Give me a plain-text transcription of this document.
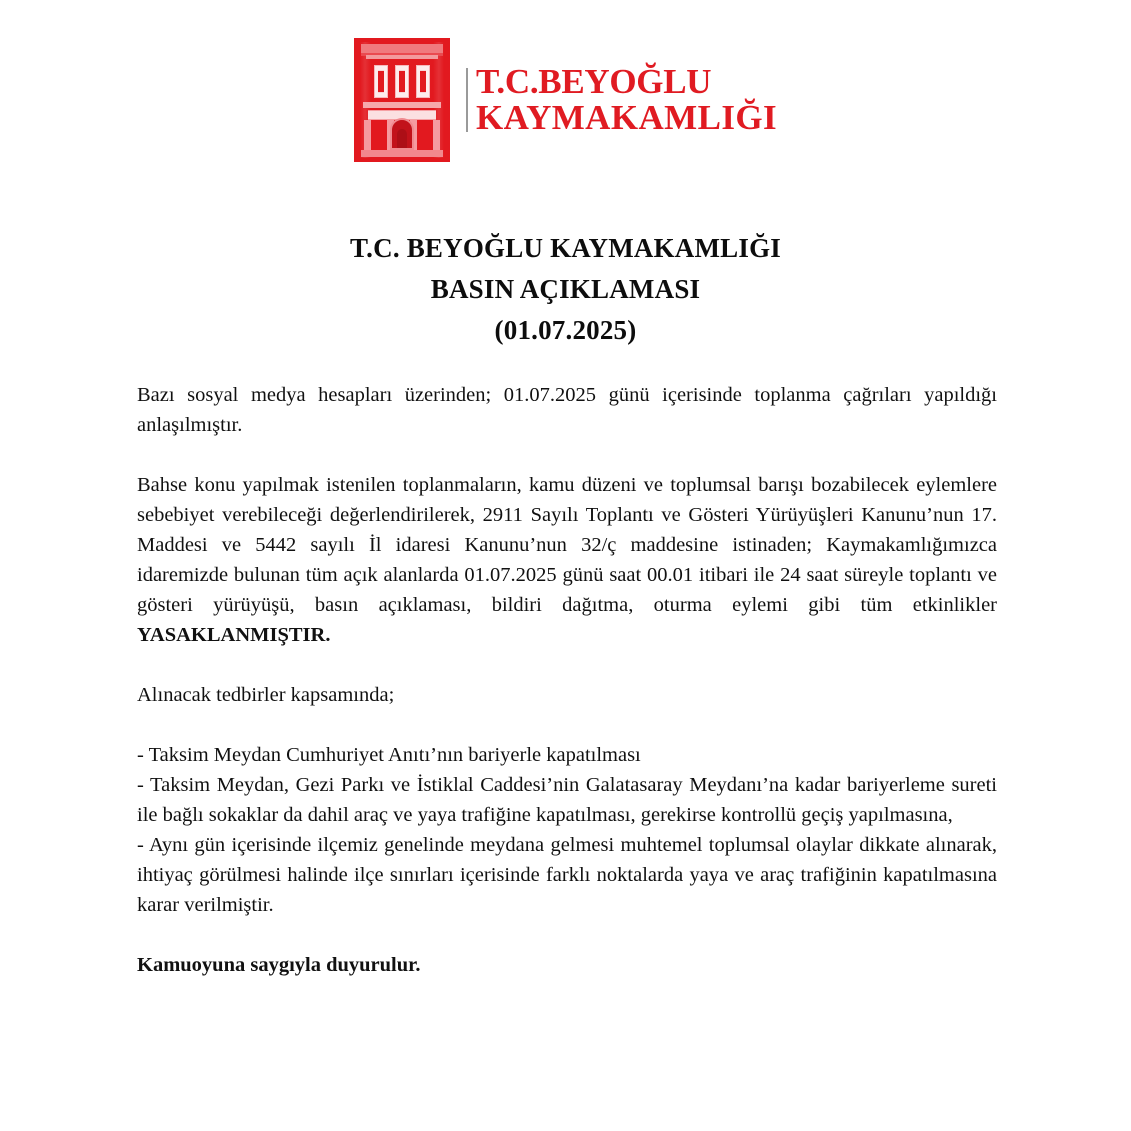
T.C.BEYOĞLU
KAYMAKAMLIĞI
T.C. BEYOĞLU KAYMAKAMLIĞI
BASIN AÇIKLAMASI
(01.07.2025)

Bazı sosyal medya hesapları üzerinden; 01.07.2025 günü içerisinde toplanma çağrıları yapıldığı anlaşılmıştır.

Bahse konu yapılmak istenilen toplanmaların, kamu düzeni ve toplumsal barışı bozabilecek eylemlere sebebiyet verebileceği değerlendirilerek, 2911 Sayılı Toplantı ve Gösteri Yürüyüşleri Kanunu’nun 17. Maddesi ve 5442 sayılı İl idaresi Kanunu’nun 32/ç maddesine istinaden; Kaymakamlığımızca idaremizde bulunan tüm açık alanlarda 01.07.2025 günü saat 00.01 itibari ile 24 saat süreyle toplantı ve gösteri yürüyüşü, basın açıklaması, bildiri dağıtma, oturma eylemi gibi tüm etkinlikler YASAKLANMIŞTIR.

Alınacak tedbirler kapsamında;

- Taksim Meydan Cumhuriyet Anıtı’nın bariyerle kapatılması

- Taksim Meydan, Gezi Parkı ve İstiklal Caddesi’nin Galatasaray Meydanı’na kadar bariyerleme sureti ile bağlı sokaklar da dahil araç ve yaya trafiğine kapatılması, gerekirse kontrollü geçiş yapılmasına,

- Aynı gün içerisinde ilçemiz genelinde meydana gelmesi muhtemel toplumsal olaylar dikkate alınarak, ihtiyaç görülmesi halinde ilçe sınırları içerisinde farklı noktalarda yaya ve araç trafiğinin kapatılmasına karar verilmiştir.

Kamuoyuna saygıyla duyurulur.
